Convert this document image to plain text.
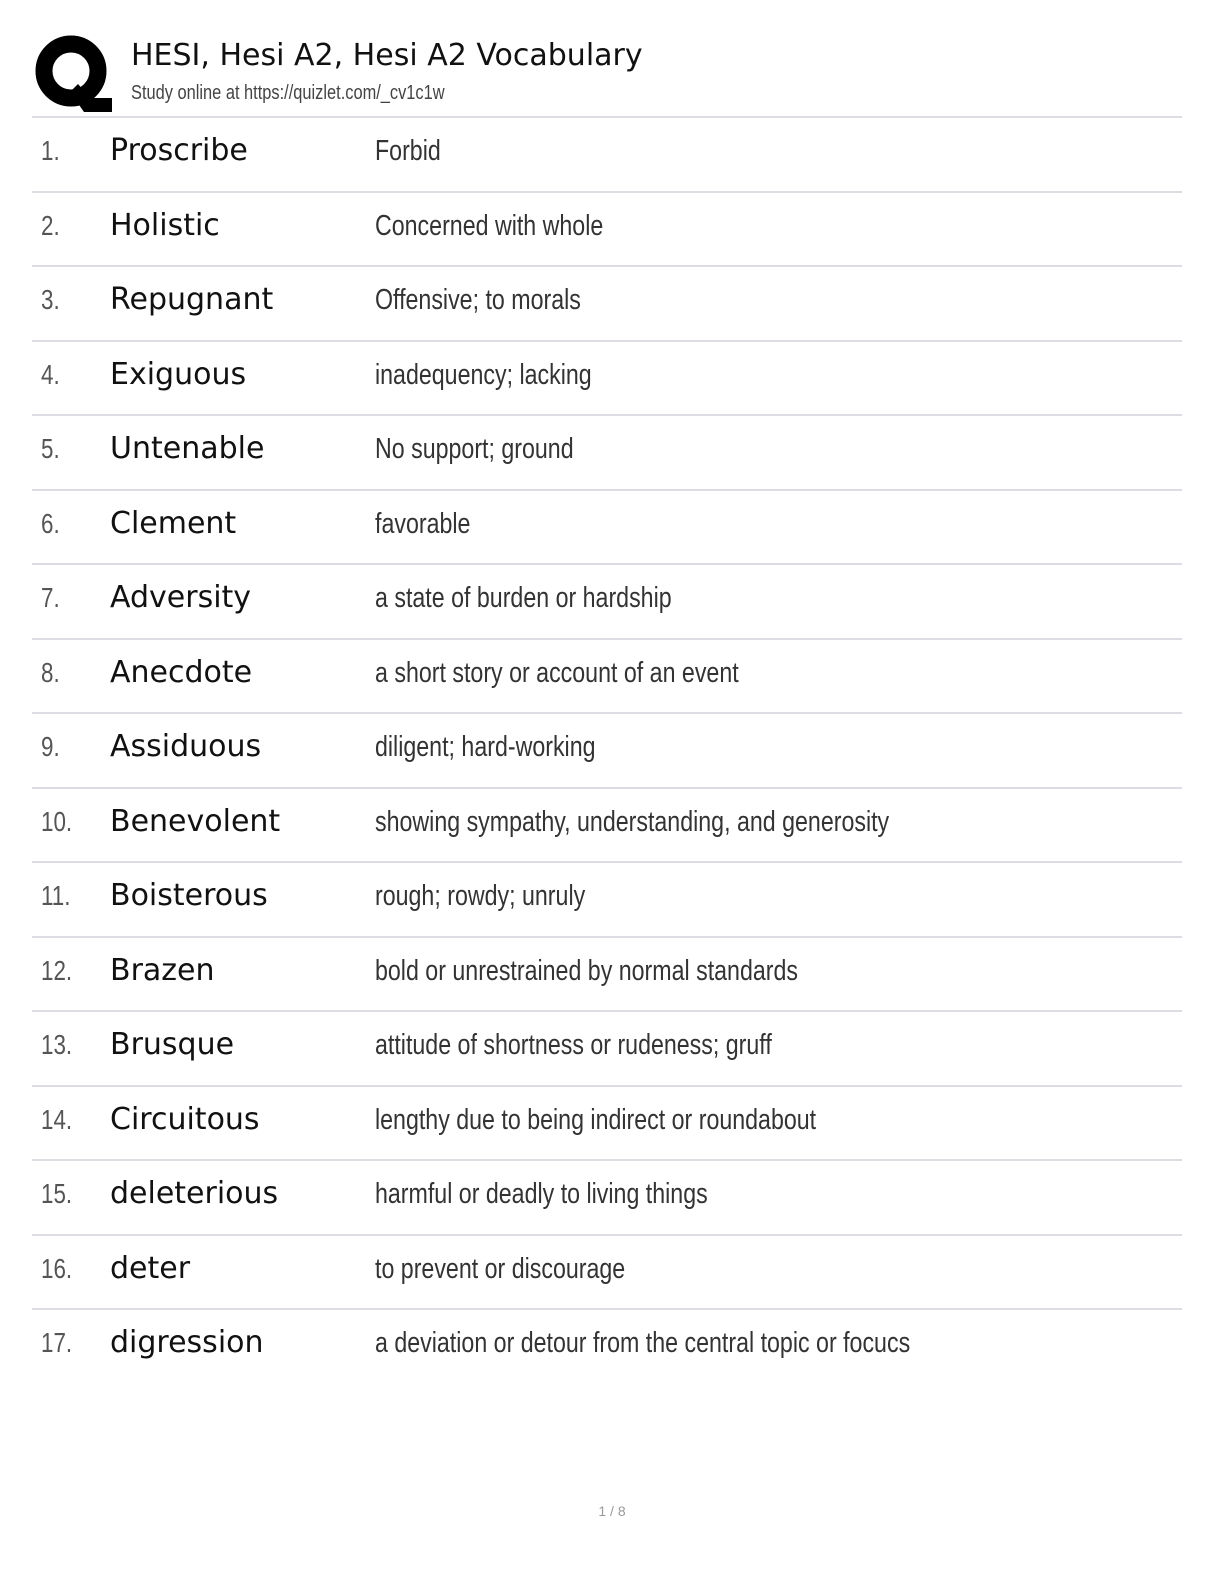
HESI, Hesi A2, Hesi A2 Vocabulary
Study online at https://quizlet.com/_cv1c1w
1. Proscribe	Forbid
2. Holistic	Concerned with whole
3. Repugnant	Offensive; to morals
4. Exiguous	inadequency; lacking
5. Untenable	No support; ground
6. Clement	favorable
7. Adversity	a state of burden or hardship
8. Anecdote	a short story or account of an event
9. Assiduous	diligent; hard-working
10. Benevolent	showing sympathy, understanding, and generosity
11. Boisterous	rough; rowdy; unruly
12. Brazen	bold or unrestrained by normal standards
13. Brusque	attitude of shortness or rudeness; gruff
14. Circuitous	lengthy due to being indirect or roundabout
15. deleterious	harmful or deadly to living things
16. deter	to prevent or discourage
17. digression	a deviation or detour from the central topic or focucs
1 / 8
